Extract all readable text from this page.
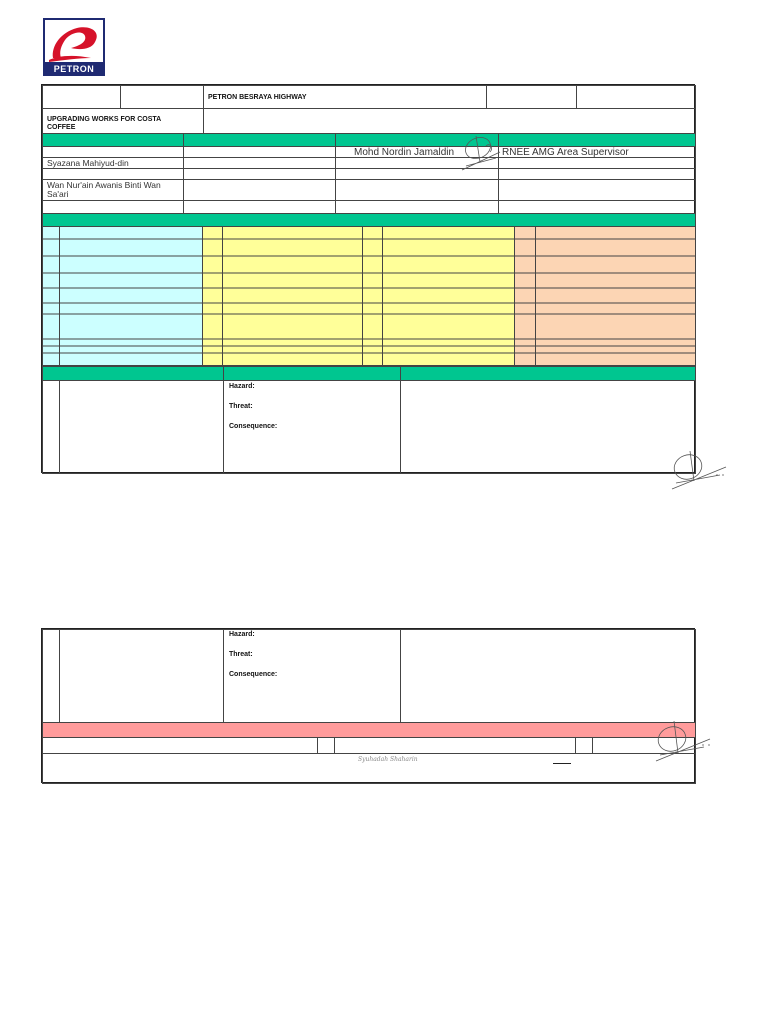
PETRON
PETRON BESRAYA HIGHWAY
UPGRADING WORKS FOR COSTA COFFEE
Mohd Nordin Jamaldin	RNEE AMG Area Supervisor
Syazana Mahiyud-din
Wan Nur'ain Awanis Binti Wan Sa'ari
Hazard:
Threat:
Consequence:
Hazard:
Threat:
Consequence:
Syuhadah Shaharin
